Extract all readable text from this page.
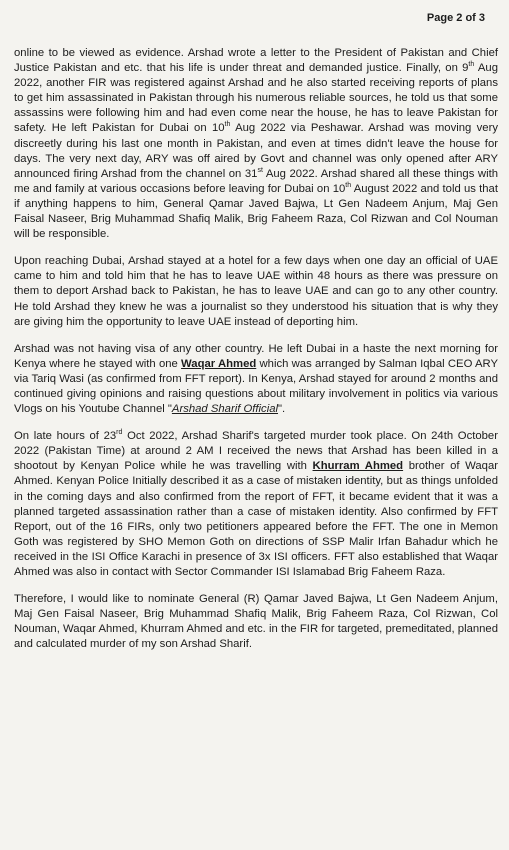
Page 2 of 3

online to be viewed as evidence. Arshad wrote a letter to the President of Pakistan and Chief Justice Pakistan and etc. that his life is under threat and demanded justice. Finally, on 9th Aug 2022, another FIR was registered against Arshad and he also started receiving reports of plans to get him assassinated in Pakistan through his numerous reliable sources, he told us that some assassins were following him and had even come near the house, he has to leave Pakistan for safety. He left Pakistan for Dubai on 10th Aug 2022 via Peshawar. Arshad was moving very discreetly during his last one month in Pakistan, and even at times didn't leave the house for days. The very next day, ARY was off aired by Govt and channel was only opened after ARY announced firing Arshad from the channel on 31st Aug 2022. Arshad shared all these things with me and family at various occasions before leaving for Dubai on 10th August 2022 and told us that if anything happens to him, General Qamar Javed Bajwa, Lt Gen Nadeem Anjum, Maj Gen Faisal Naseer, Brig Muhammad Shafiq Malik, Brig Faheem Raza, Col Rizwan and Col Nouman will be responsible.

Upon reaching Dubai, Arshad stayed at a hotel for a few days when one day an official of UAE came to him and told him that he has to leave UAE within 48 hours as there was pressure on them to deport Arshad back to Pakistan, he has to leave UAE and can go to any other country. He told Arshad they knew he was a journalist so they understood his situation that is why they are giving him the opportunity to leave UAE instead of deporting him.

Arshad was not having visa of any other country. He left Dubai in a haste the next morning for Kenya where he stayed with one Waqar Ahmed which was arranged by Salman Iqbal CEO ARY via Tariq Wasi (as confirmed from FFT report). In Kenya, Arshad stayed for around 2 months and continued giving opinions and raising questions about military involvement in politics via various Vlogs on his Youtube Channel "Arshad Sharif Official".

On late hours of 23rd Oct 2022, Arshad Sharif's targeted murder took place. On 24th October 2022 (Pakistan Time) at around 2 AM I received the news that Arshad has been killed in a shootout by Kenyan Police while he was travelling with Khurram Ahmed brother of Waqar Ahmed. Kenyan Police Initially described it as a case of mistaken identity, but as things unfolded in the coming days and also confirmed from the report of FFT, it became evident that it was a planned targeted assassination rather than a case of mistaken identity. Also confirmed by FFT Report, out of the 16 FIRs, only two petitioners appeared before the FFT. The one in Memon Goth was registered by SHO Memon Goth on directions of SSP Malir Irfan Bahadur which he received in the ISI Office Karachi in presence of 3x ISI officers. FFT also established that Waqar Ahmed was also in contact with Sector Commander ISI Islamabad Brig Faheem Raza.

Therefore, I would like to nominate General (R) Qamar Javed Bajwa, Lt Gen Nadeem Anjum, Maj Gen Faisal Naseer, Brig Muhammad Shafiq Malik, Brig Faheem Raza, Col Rizwan, Col Nouman, Waqar Ahmed, Khurram Ahmed and etc. in the FIR for targeted, premeditated, planned and calculated murder of my son Arshad Sharif.
